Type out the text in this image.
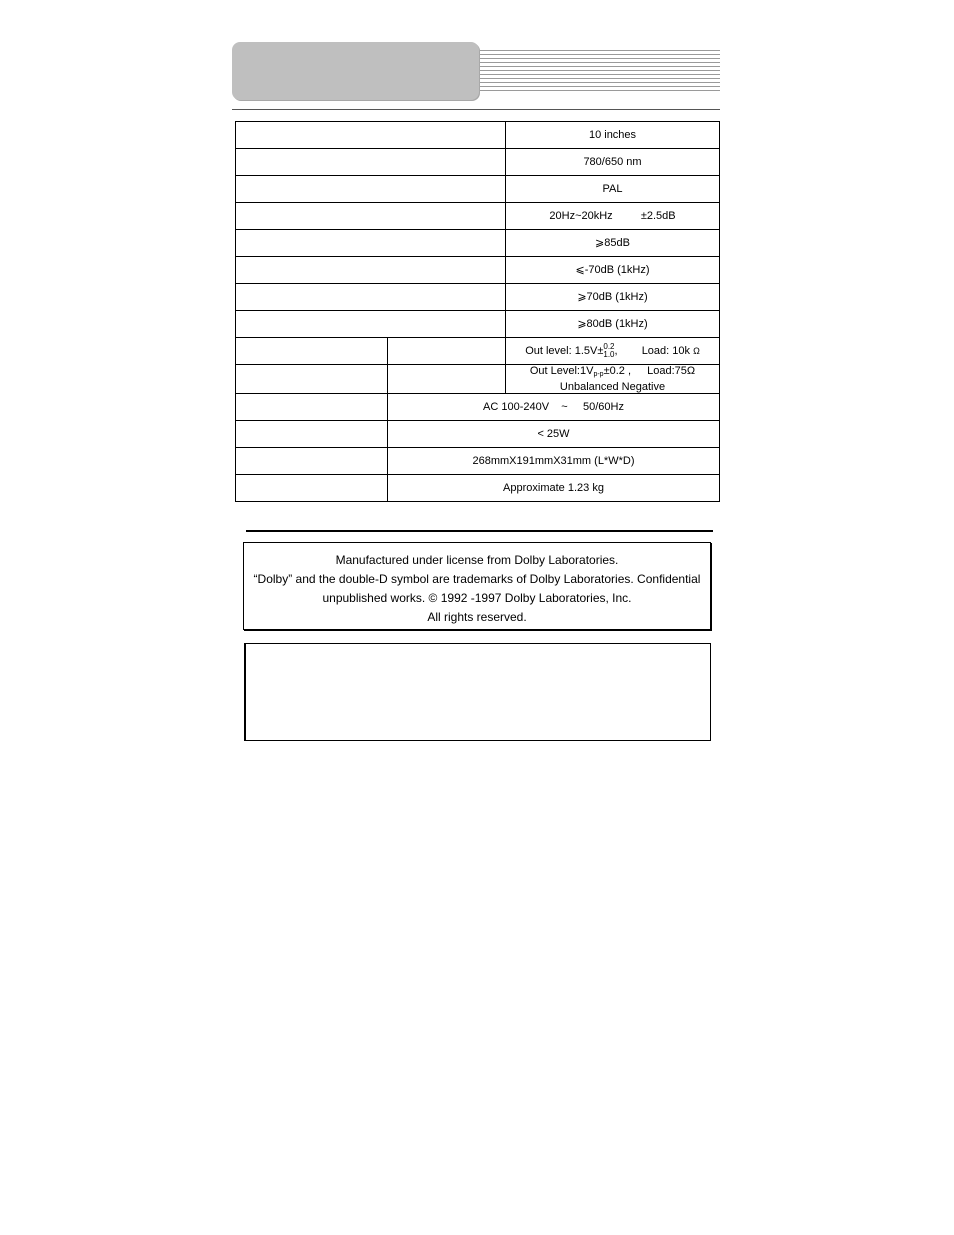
		10 inches
		780/650 nm
		PAL
		20Hz~20kHz ±2.5dB
		⩾85dB
		⩽-70dB (1kHz)
		⩾70dB (1kHz)
		⩾80dB (1kHz)
		Out level: 1.5V± 0.2
1.0 , Load: 10k Ω

		Out $Level:1V_{p-p}\pm 0.2$ , Load:75Ω
Unbalanced Negative

	AC 100-240V    ~     50/60Hz	
	< 25W	
	268mmX191mmX31mm (L*W*D)	
	Approximate 1.23 kg	
Manufactured under license from Dolby Laboratories.
“Dolby” and the double-D symbol are trademarks of Dolby Laboratories. Confidential
unpublished works. © 1992 -1997 Dolby Laboratories, Inc.
All rights reserved.
